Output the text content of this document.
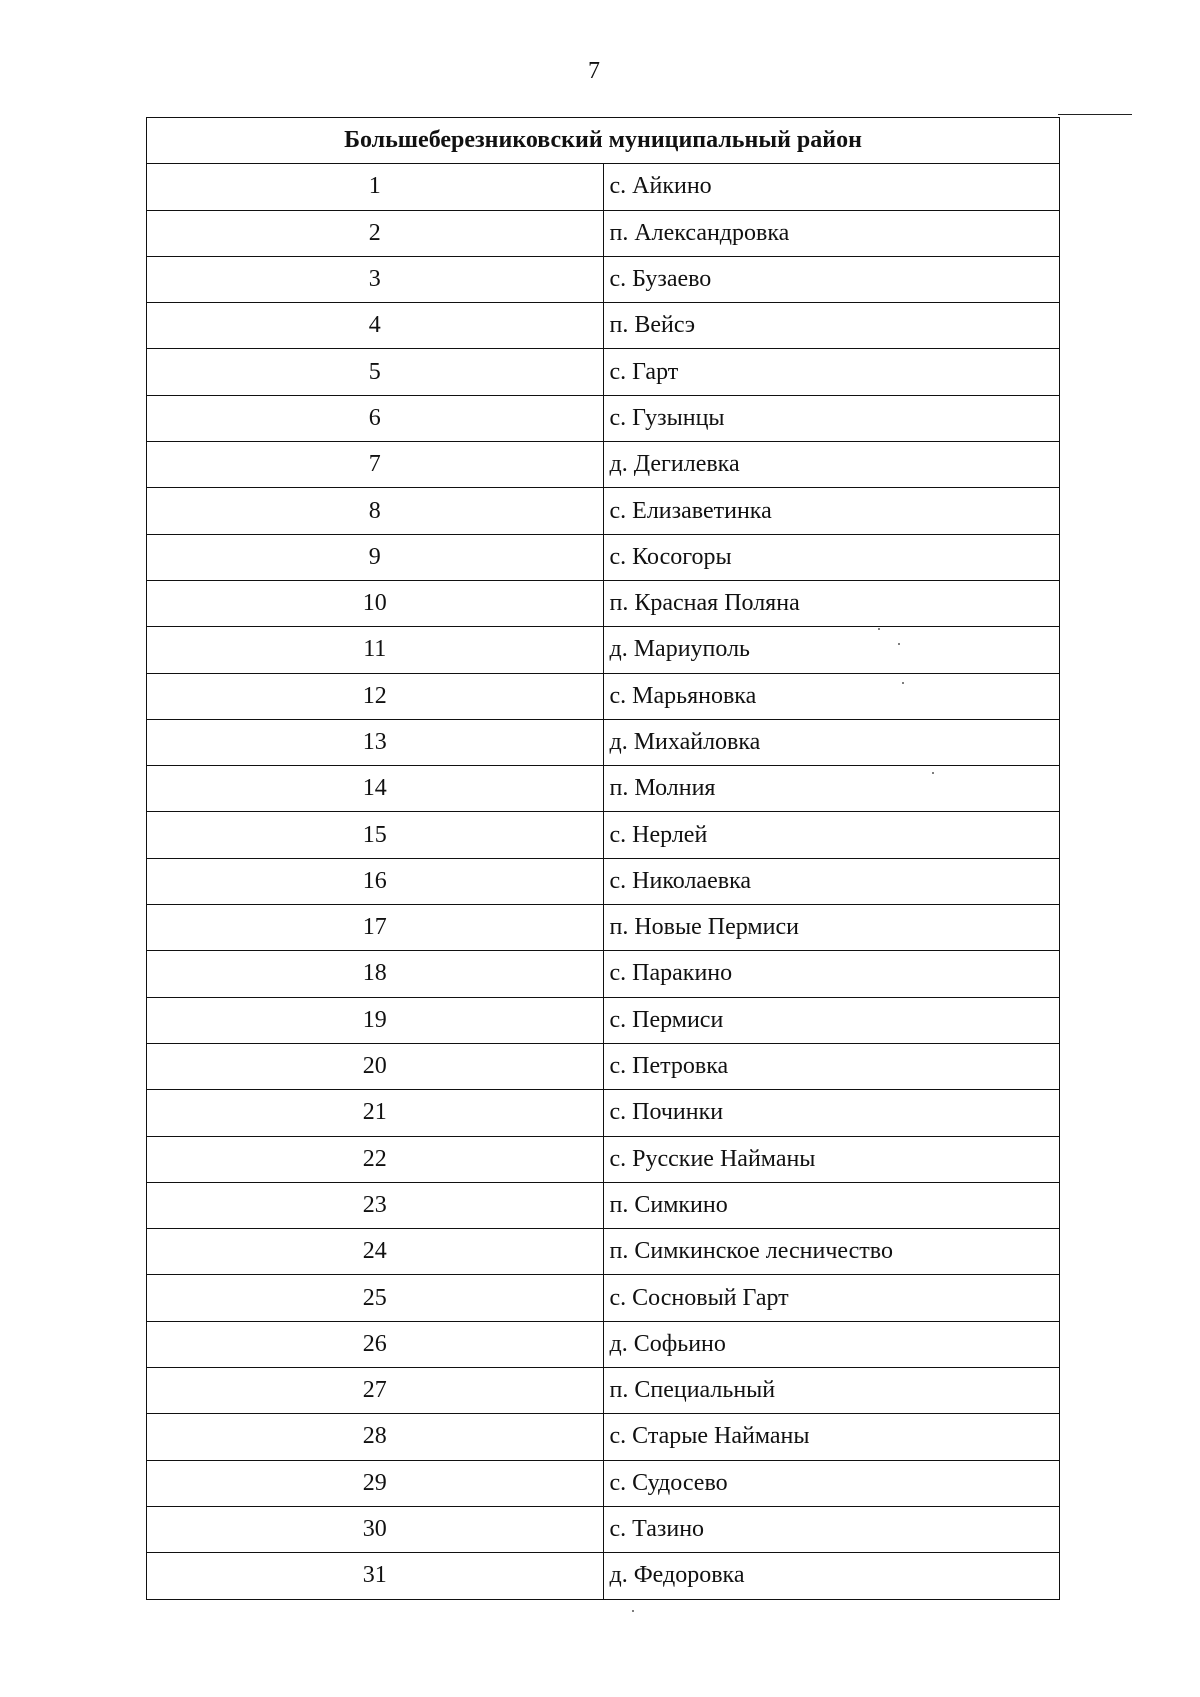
7
Большеберезниковский муниципальный район	
1	с. Айкино
2	п. Александровка
3	с. Бузаево
4	п. Вейсэ
5	с. Гарт
6	с. Гузынцы
7	д. Дегилевка
8	с. Елизаветинка
9	с. Косогоры
10	п. Красная Поляна
11	д. Мариуполь
12	с. Марьяновка
13	д. Михайловка
14	п. Молния
15	с. Нерлей
16	с. Николаевка
17	п. Новые Пермиси
18	с. Паракино
19	с. Пермиси
20	с. Петровка
21	с. Починки
22	с. Русские Найманы
23	п. Симкино
24	п. Симкинское лесничество
25	с. Сосновый Гарт
26	д. Софьино
27	п. Специальный
28	с. Старые Найманы
29	с. Судосево
30	с. Тазино
31	д. Федоровка
